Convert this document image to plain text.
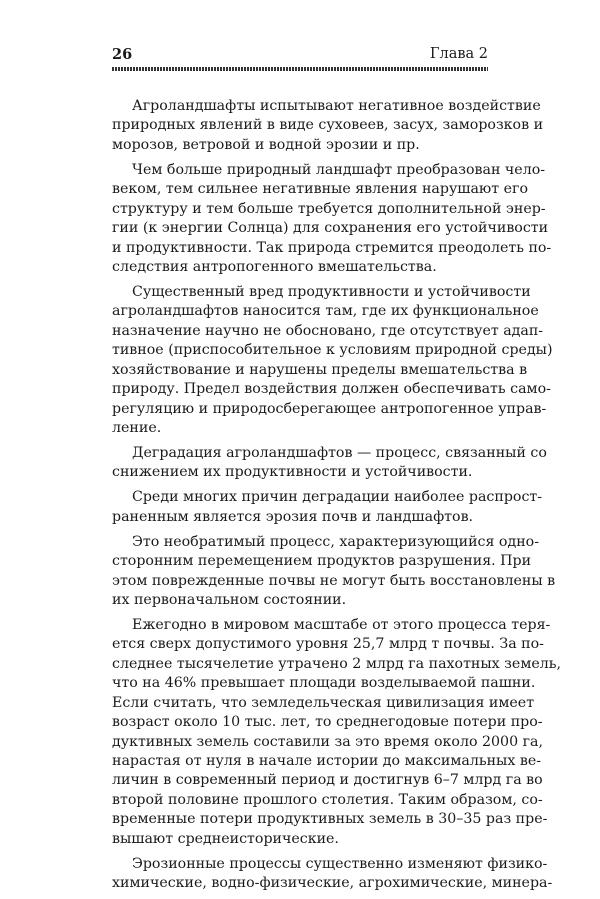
26	Глава 2
Агроландшафты испытывают негативное воздействие
природных явлений в виде суховеев, засух, заморозков и
морозов, ветровой и водной эрозии и пр.
Чем больше природный ландшафт преобразован чело-
веком, тем сильнее негативные явления нарушают его
структуру и тем больше требуется дополнительной энер-
гии (к энергии Солнца) для сохранения его устойчивости
и продуктивности. Так природа стремится преодолеть по-
следствия антропогенного вмешательства.
Существенный вред продуктивности и устойчивости
агроландшафтов наносится там, где их функциональное
назначение научно не обосновано, где отсутствует адап-
тивное (приспособительное к условиям природной среды)
хозяйствование и нарушены пределы вмешательства в
природу. Предел воздействия должен обеспечивать само-
регуляцию и природосберегающее антропогенное управ-
ление.
Деградация агроландшафтов — процесс, связанный со
снижением их продуктивности и устойчивости.
Среди многих причин деградации наиболее распрост-
раненным является эрозия почв и ландшафтов.
Это необратимый процесс, характеризующийся одно-
сторонним перемещением продуктов разрушения. При
этом поврежденные почвы не могут быть восстановлены в
их первоначальном состоянии.
Ежегодно в мировом масштабе от этого процесса теря-
ется сверх допустимого уровня 25,7 млрд т почвы. За по-
следнее тысячелетие утрачено 2 млрд га пахотных земель,
что на 46% превышает площади возделываемой пашни.
Если считать, что земледельческая цивилизация имеет
возраст около 10 тыс. лет, то среднегодовые потери про-
дуктивных земель составили за это время около 2000 га,
нарастая от нуля в начале истории до максимальных ве-
личин в современный период и достигнув 6–7 млрд га во
второй половине прошлого столетия. Таким образом, со-
временные потери продуктивных земель в 30–35 раз пре-
вышают среднеисторические.
Эрозионные процессы существенно изменяют физико-
химические, водно-физические, агрохимические, минера-
